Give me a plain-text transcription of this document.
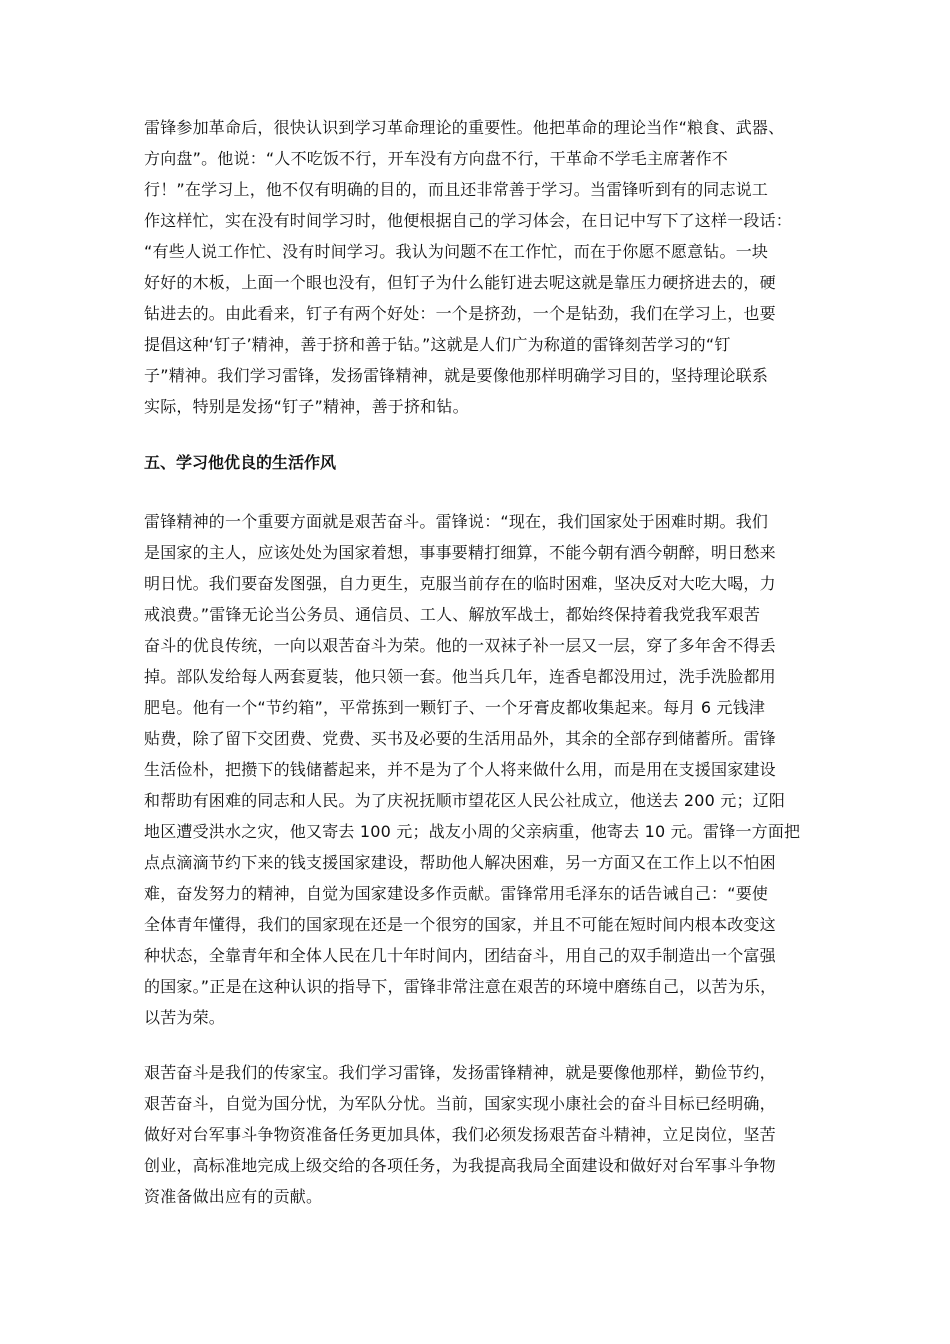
雷锋参加革命后，很快认识到学习革命理论的重要性。他把革命的理论当作“粮食、武器、
方向盘”。他说：“人不吃饭不行，开车没有方向盘不行，干革命不学毛主席著作不
行！”在学习上，他不仅有明确的目的，而且还非常善于学习。当雷锋听到有的同志说工
作这样忙，实在没有时间学习时，他便根据自己的学习体会，在日记中写下了这样一段话：
“有些人说工作忙、没有时间学习。我认为问题不在工作忙，而在于你愿不愿意钻。一块
好好的木板，上面一个眼也没有，但钉子为什么能钉进去呢这就是靠压力硬挤进去的，硬
钻进去的。由此看来，钉子有两个好处：一个是挤劲，一个是钻劲，我们在学习上，也要
提倡这种‘钉子’精神，善于挤和善于钻。”这就是人们广为称道的雷锋刻苦学习的“钉
子”精神。我们学习雷锋，发扬雷锋精神，就是要像他那样明确学习目的，坚持理论联系
实际，特别是发扬“钉子”精神，善于挤和钻。
五、学习他优良的生活作风
雷锋精神的一个重要方面就是艰苦奋斗。雷锋说：“现在，我们国家处于困难时期。我们
是国家的主人，应该处处为国家着想，事事要精打细算，不能今朝有酒今朝醉，明日愁来
明日忧。我们要奋发图强，自力更生，克服当前存在的临时困难，坚决反对大吃大喝，力
戒浪费。”雷锋无论当公务员、通信员、工人、解放军战士，都始终保持着我党我军艰苦
奋斗的优良传统，一向以艰苦奋斗为荣。他的一双袜子补一层又一层，穿了多年舍不得丢
掉。部队发给每人两套夏装，他只领一套。他当兵几年，连香皂都没用过，洗手洗脸都用
肥皂。他有一个“节约箱”，平常拣到一颗钉子、一个牙膏皮都收集起来。每月 6 元钱津
贴费，除了留下交团费、党费、买书及必要的生活用品外，其余的全部存到储蓄所。雷锋
生活俭朴，把攒下的钱储蓄起来，并不是为了个人将来做什么用，而是用在支援国家建设
和帮助有困难的同志和人民。为了庆祝抚顺市望花区人民公社成立，他送去 200 元；辽阳
地区遭受洪水之灾，他又寄去 100 元；战友小周的父亲病重，他寄去 10 元。雷锋一方面把
点点滴滴节约下来的钱支援国家建设，帮助他人解决困难，另一方面又在工作上以不怕困
难，奋发努力的精神，自觉为国家建设多作贡献。雷锋常用毛泽东的话告诫自己：“要使
全体青年懂得，我们的国家现在还是一个很穷的国家，并且不可能在短时间内根本改变这
种状态，全靠青年和全体人民在几十年时间内，团结奋斗，用自己的双手制造出一个富强
的国家。”正是在这种认识的指导下，雷锋非常注意在艰苦的环境中磨练自己，以苦为乐，
以苦为荣。
艰苦奋斗是我们的传家宝。我们学习雷锋，发扬雷锋精神，就是要像他那样，勤俭节约，
艰苦奋斗，自觉为国分忧，为军队分忧。当前，国家实现小康社会的奋斗目标已经明确，
做好对台军事斗争物资准备任务更加具体，我们必须发扬艰苦奋斗精神，立足岗位，坚苦
创业，高标准地完成上级交给的各项任务，为我提高我局全面建设和做好对台军事斗争物
资准备做出应有的贡献。
